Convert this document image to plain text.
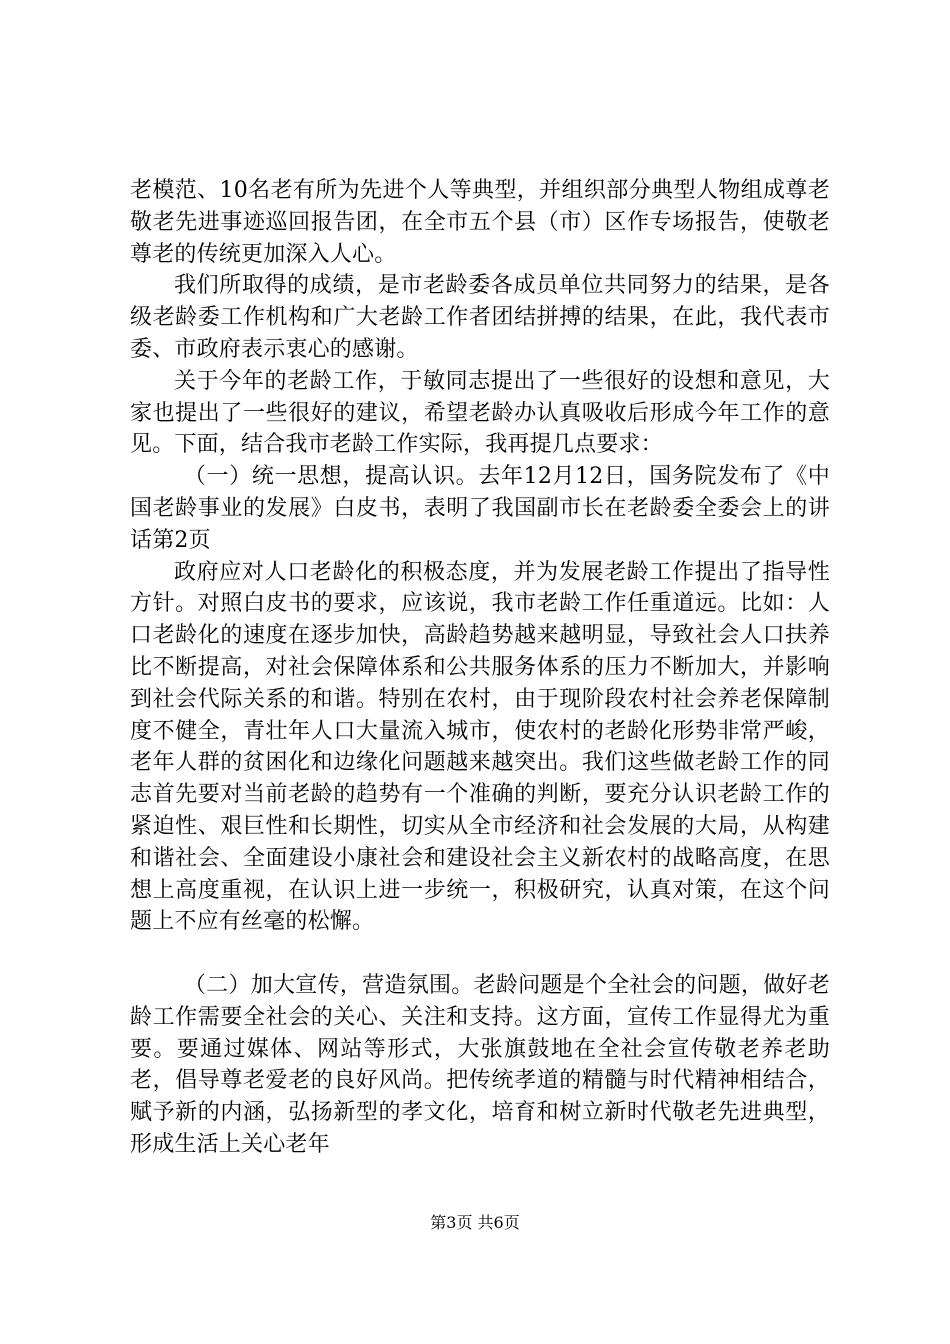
老模范、10名老有所为先进个人等典型，并组织部分典型人物组成尊老敬老先进事迹巡回报告团，在全市五个县（市）区作专场报告，使敬老尊老的传统更加深入人心。

我们所取得的成绩，是市老龄委各成员单位共同努力的结果，是各级老龄委工作机构和广大老龄工作者团结拼搏的结果，在此，我代表市委、市政府表示衷心的感谢。

关于今年的老龄工作，于敏同志提出了一些很好的设想和意见，大家也提出了一些很好的建议，希望老龄办认真吸收后形成今年工作的意见。下面，结合我市老龄工作实际，我再提几点要求：

（一）统一思想，提高认识。去年12月12日，国务院发布了《中国老龄事业的发展》白皮书，表明了我国副市长在老龄委全委会上的讲话第2页

政府应对人口老龄化的积极态度，并为发展老龄工作提出了指导性方针。对照白皮书的要求，应该说，我市老龄工作任重道远。比如：人口老龄化的速度在逐步加快，高龄趋势越来越明显，导致社会人口扶养比不断提高，对社会保障体系和公共服务体系的压力不断加大，并影响到社会代际关系的和谐。特别在农村，由于现阶段农村社会养老保障制度不健全，青壮年人口大量流入城市，使农村的老龄化形势非常严峻，老年人群的贫困化和边缘化问题越来越突出。我们这些做老龄工作的同志首先要对当前老龄的趋势有一个准确的判断，要充分认识老龄工作的紧迫性、艰巨性和长期性，切实从全市经济和社会发展的大局，从构建和谐社会、全面建设小康社会和建设社会主义新农村的战略高度，在思想上高度重视，在认识上进一步统一，积极研究，认真对策，在这个问题上不应有丝毫的松懈。

（二）加大宣传，营造氛围。老龄问题是个全社会的问题，做好老龄工作需要全社会的关心、关注和支持。这方面，宣传工作显得尤为重要。要通过媒体、网站等形式，大张旗鼓地在全社会宣传敬老养老助老，倡导尊老爱老的良好风尚。把传统孝道的精髓与时代精神相结合，赋予新的内涵，弘扬新型的孝文化，培育和树立新时代敬老先进典型，形成生活上关心老年

第3页 共6页
